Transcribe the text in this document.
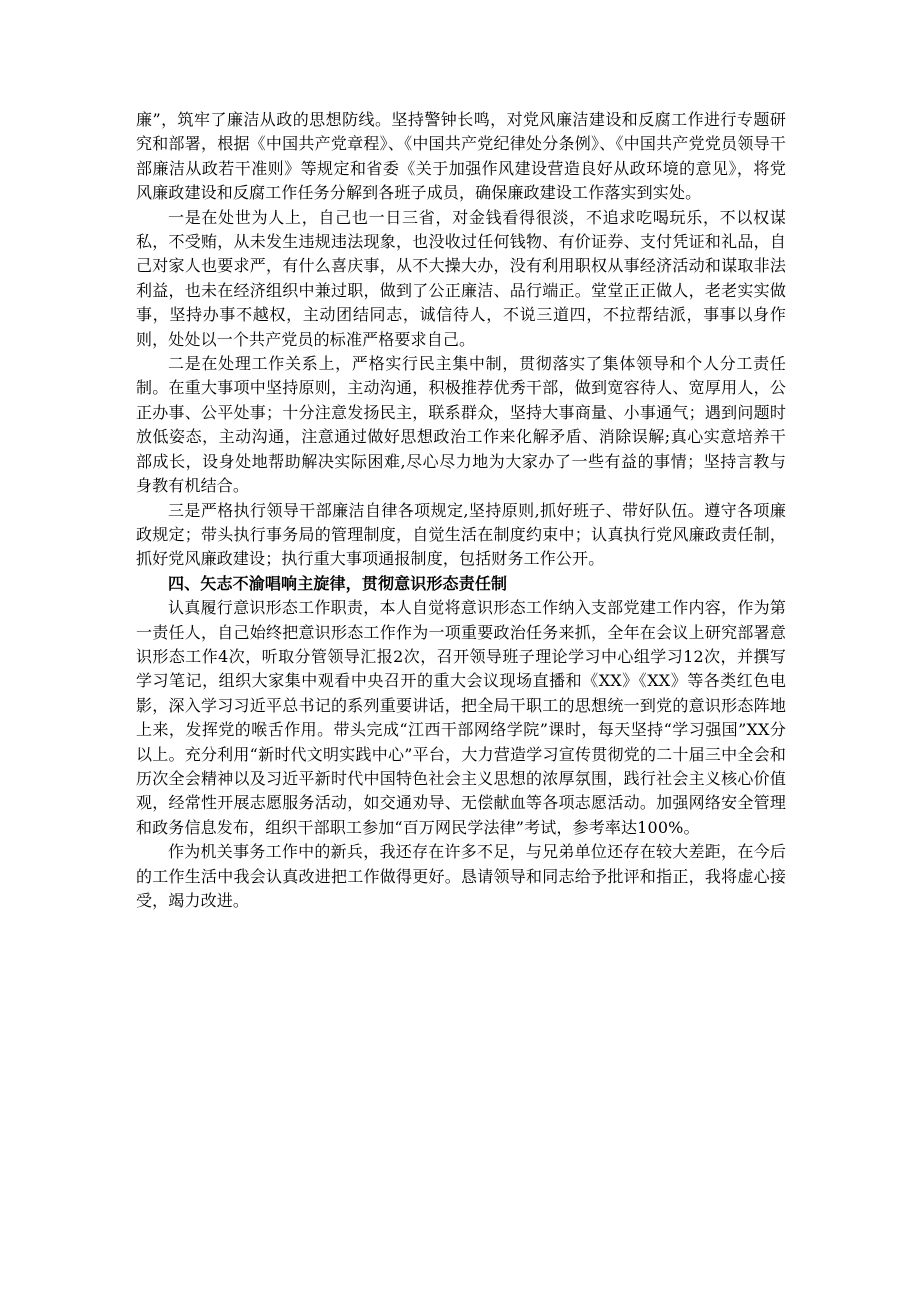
廉”，筑牢了廉洁从政的思想防线。坚持警钟长鸣，对党风廉洁建设和反腐工作进行专题研究和部署，根据《中国共产党章程》、《中国共产党纪律处分条例》、《中国共产党党员领导干部廉洁从政若干准则》等规定和省委《关于加强作风建设营造良好从政环境的意见》，将党风廉政建设和反腐工作任务分解到各班子成员，确保廉政建设工作落实到实处。

一是在处世为人上，自己也一日三省，对金钱看得很淡，不追求吃喝玩乐，不以权谋私，不受贿，从未发生违规违法现象，也没收过任何钱物、有价证券、支付凭证和礼品，自己对家人也要求严，有什么喜庆事，从不大操大办，没有利用职权从事经济活动和谋取非法利益，也未在经济组织中兼过职，做到了公正廉洁、品行端正。堂堂正正做人，老老实实做事，坚持办事不越权，主动团结同志，诚信待人，不说三道四，不拉帮结派，事事以身作则，处处以一个共产党员的标准严格要求自己。

二是在处理工作关系上，严格实行民主集中制，贯彻落实了集体领导和个人分工责任制。在重大事项中坚持原则，主动沟通，积极推荐优秀干部，做到宽容待人、宽厚用人，公正办事、公平处事；十分注意发扬民主，联系群众，坚持大事商量、小事通气；遇到问题时放低姿态，主动沟通，注意通过做好思想政治工作来化解矛盾、消除误解;真心实意培养干部成长，设身处地帮助解决实际困难,尽心尽力地为大家办了一些有益的事情；坚持言教与身教有机结合。

三是严格执行领导干部廉洁自律各项规定,坚持原则,抓好班子、带好队伍。遵守各项廉政规定；带头执行事务局的管理制度，自觉生活在制度约束中；认真执行党风廉政责任制，抓好党风廉政建设；执行重大事项通报制度，包括财务工作公开。

四、矢志不渝唱响主旋律，贯彻意识形态责任制

认真履行意识形态工作职责，本人自觉将意识形态工作纳入支部党建工作内容，作为第一责任人，自己始终把意识形态工作作为一项重要政治任务来抓，全年在会议上研究部署意识形态工作4次，听取分管领导汇报2次，召开领导班子理论学习中心组学习12次，并撰写学习笔记，组织大家集中观看中央召开的重大会议现场直播和《XX》《XX》等各类红色电影，深入学习习近平总书记的系列重要讲话，把全局干职工的思想统一到党的意识形态阵地上来，发挥党的喉舌作用。带头完成“江西干部网络学院”课时，每天坚持“学习强国”XX分以上。充分利用“新时代文明实践中心”平台，大力营造学习宣传贯彻党的二十届三中全会和历次全会精神以及习近平新时代中国特色社会主义思想的浓厚氛围，践行社会主义核心价值观，经常性开展志愿服务活动，如交通劝导、无偿献血等各项志愿活动。加强网络安全管理和政务信息发布，组织干部职工参加“百万网民学法律”考试，参考率达100%。

作为机关事务工作中的新兵，我还存在许多不足，与兄弟单位还存在较大差距，在今后的工作生活中我会认真改进把工作做得更好。恳请领导和同志给予批评和指正，我将虚心接受，竭力改进。
